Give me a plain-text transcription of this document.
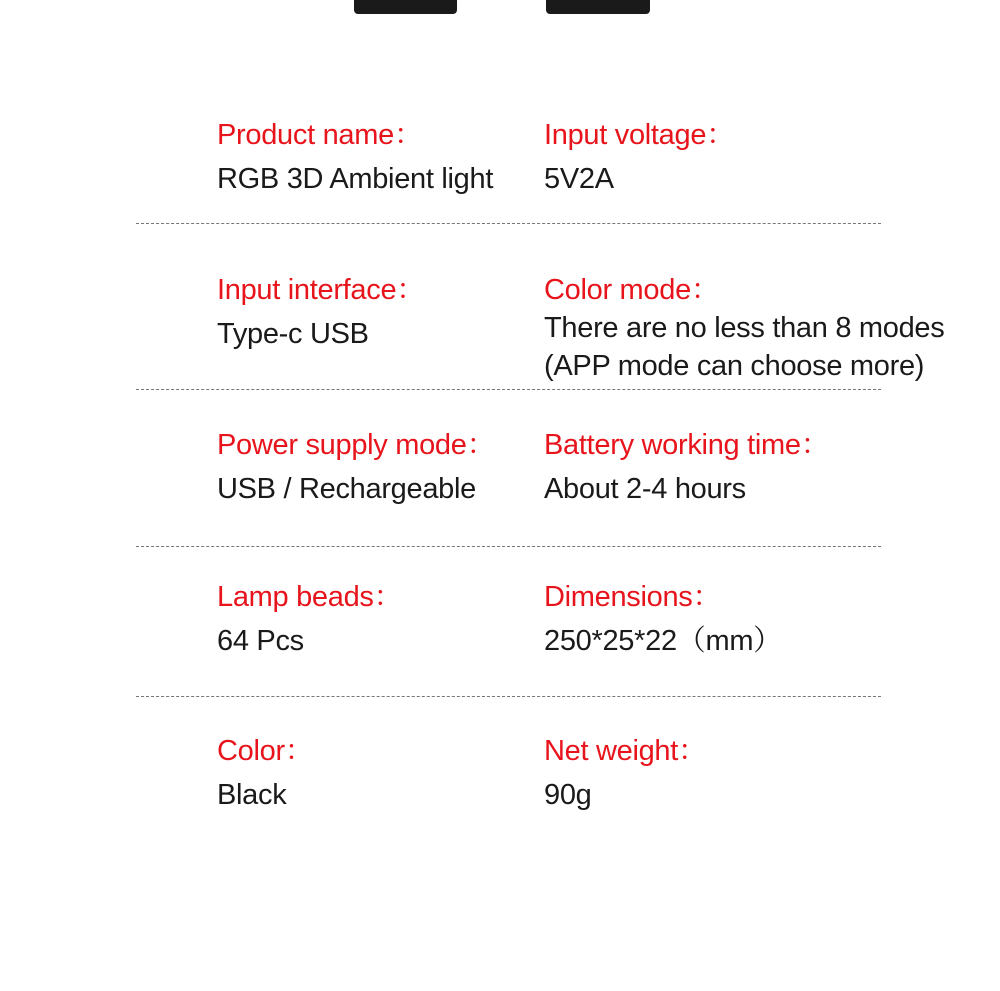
Product name：
RGB 3D Ambient light
Input voltage：
5V2A
Input interface：
Type-c USB
Color mode：
There are no less than 8 modes
(APP mode can choose more)
Power supply mode：
USB / Rechargeable
Battery working time：
About 2-4 hours
Lamp beads：
64 Pcs
Dimensions：
250*25*22（mm）
Color：
Black
Net weight：
90g
